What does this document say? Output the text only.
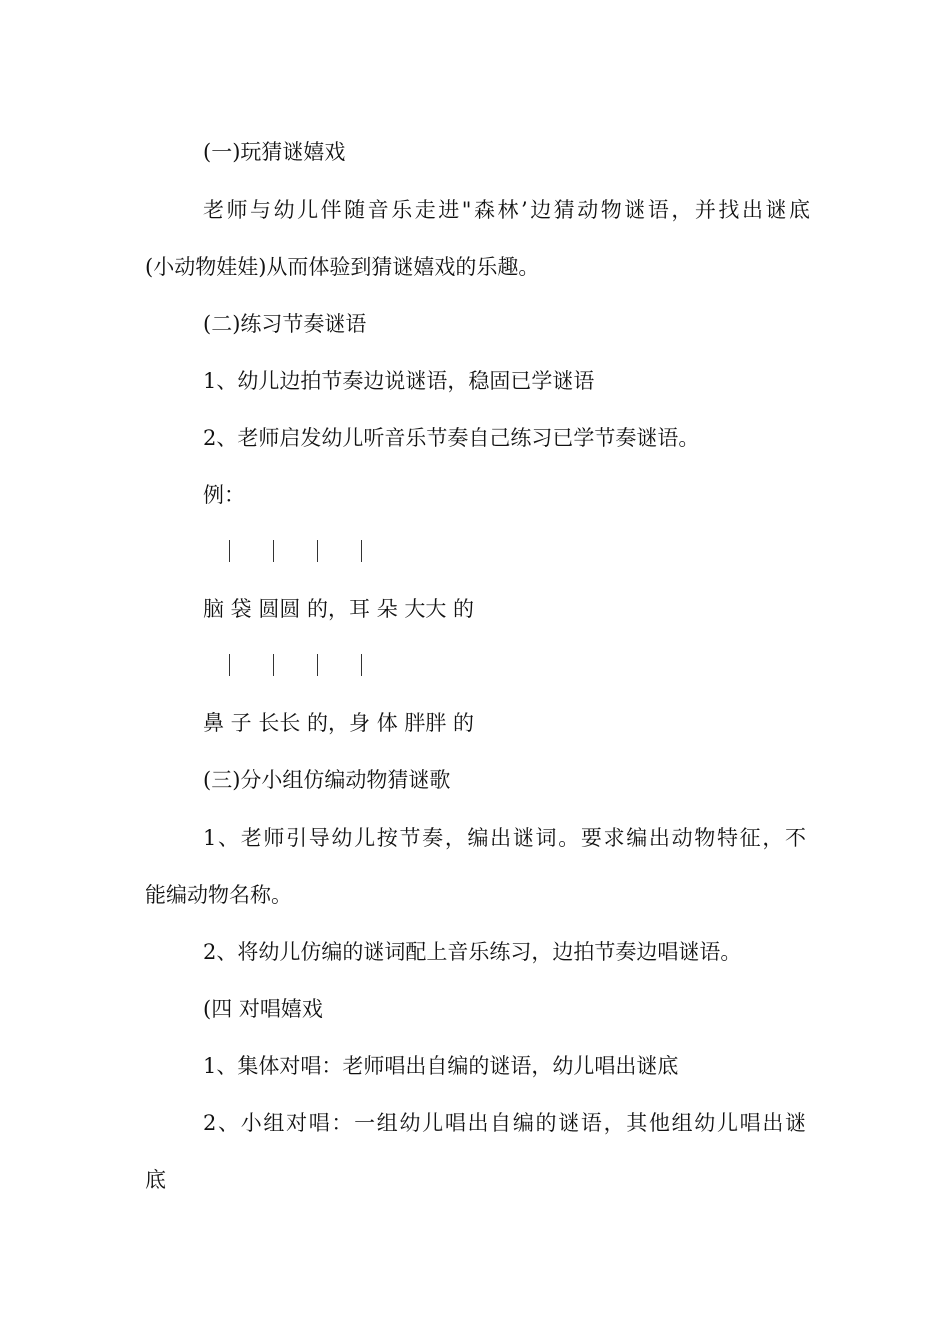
(一)玩猜谜嬉戏
老师与幼儿伴随音乐走进"森林’边猜动物谜语，并找出谜底
(小动物娃娃)从而体验到猜谜嬉戏的乐趣。
(二)练习节奏谜语
1、幼儿边拍节奏边说谜语，稳固已学谜语
2、老师启发幼儿听音乐节奏自己练习已学节奏谜语。
例：
脑 袋 圆圆 的，耳 朵 大大 的
鼻 子 长长 的，身 体 胖胖 的
(三)分小组仿编动物猜谜歌
1、老师引导幼儿按节奏，编出谜词。要求编出动物特征，不
能编动物名称。
2、将幼儿仿编的谜词配上音乐练习，边拍节奏边唱谜语。
(四 对唱嬉戏
1、集体对唱：老师唱出自编的谜语，幼儿唱出谜底
2、小组对唱：一组幼儿唱出自编的谜语，其他组幼儿唱出谜
底
